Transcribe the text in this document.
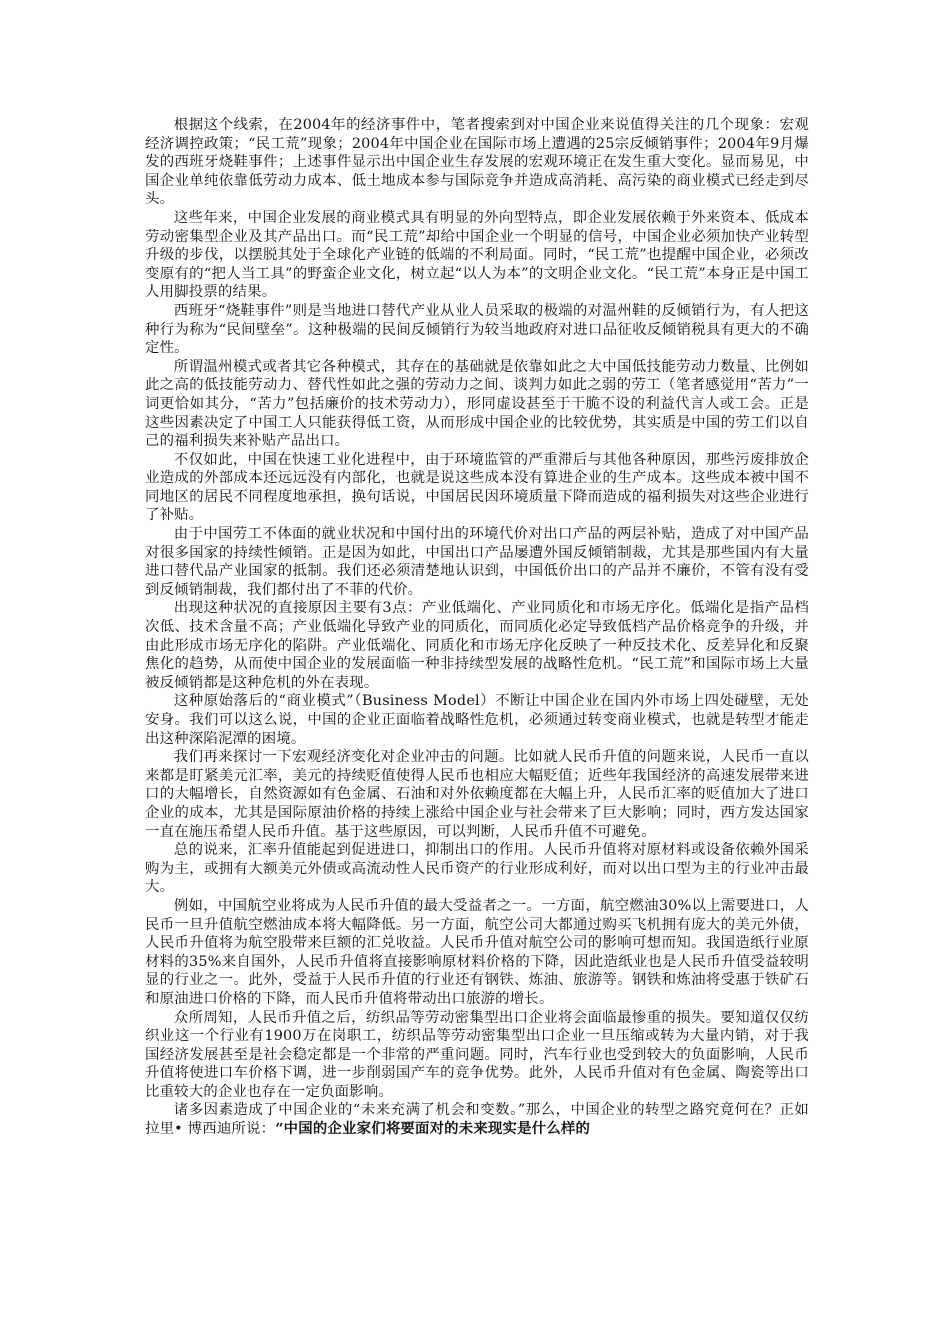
根据这个线索，在2004年的经济事件中，笔者搜索到对中国企业来说值得关注的几个现象：宏观经济调控政策；“民工荒”现象；2004年中国企业在国际市场上遭遇的25宗反倾销事件；2004年9月爆发的西班牙烧鞋事件；上述事件显示出中国企业生存发展的宏观环境正在发生重大变化。显而易见，中国企业单纯依靠低劳动力成本、低土地成本参与国际竞争并造成高消耗、高污染的商业模式已经走到尽头。

这些年来，中国企业发展的商业模式具有明显的外向型特点，即企业发展依赖于外来资本、低成本劳动密集型企业及其产品出口。而“民工荒”却给中国企业一个明显的信号，中国企业必须加快产业转型升级的步伐，以摆脱其处于全球化产业链的低端的不利局面。同时，“民工荒”也提醒中国企业，必须改变原有的“把人当工具”的野蛮企业文化，树立起“以人为本”的文明企业文化。“民工荒”本身正是中国工人用脚投票的结果。

西班牙“烧鞋事件”则是当地进口替代产业从业人员采取的极端的对温州鞋的反倾销行为，有人把这种行为称为“民间壁垒”。这种极端的民间反倾销行为较当地政府对进口品征收反倾销税具有更大的不确定性。

所谓温州模式或者其它各种模式，其存在的基础就是依靠如此之大中国低技能劳动力数量、比例如此之高的低技能劳动力、替代性如此之强的劳动力之间、谈判力如此之弱的劳工（笔者感觉用“苦力”一词更恰如其分，“苦力”包括廉价的技术劳动力），形同虚设甚至于干脆不设的利益代言人或工会。正是这些因素决定了中国工人只能获得低工资，从而形成中国企业的比较优势，其实质是中国的劳工们以自己的福利损失来补贴产品出口。

不仅如此，中国在快速工业化进程中，由于环境监管的严重滞后与其他各种原因，那些污废排放企业造成的外部成本还远远没有内部化，也就是说这些成本没有算进企业的生产成本。这些成本被中国不同地区的居民不同程度地承担，换句话说，中国居民因环境质量下降而造成的福利损失对这些企业进行了补贴。

由于中国劳工不体面的就业状况和中国付出的环境代价对出口产品的两层补贴，造成了对中国产品对很多国家的持续性倾销。正是因为如此，中国出口产品屡遭外国反倾销制裁，尤其是那些国内有大量进口替代品产业国家的抵制。我们还必须清楚地认识到，中国低价出口的产品并不廉价，不管有没有受到反倾销制裁，我们都付出了不菲的代价。

出现这种状况的直接原因主要有3点：产业低端化、产业同质化和市场无序化。低端化是指产品档次低、技术含量不高；产业低端化导致产业的同质化，而同质化必定导致低档产品价格竞争的升级，并由此形成市场无序化的陷阱。产业低端化、同质化和市场无序化反映了一种反技术化、反差异化和反聚焦化的趋势，从而使中国企业的发展面临一种非持续型发展的战略性危机。“民工荒”和国际市场上大量被反倾销都是这种危机的外在表现。

这种原始落后的“商业模式”（Business Model）不断让中国企业在国内外市场上四处碰壁，无处安身。我们可以这么说，中国的企业正面临着战略性危机，必须通过转变商业模式，也就是转型才能走出这种深陷泥潭的困境。

我们再来探讨一下宏观经济变化对企业冲击的问题。比如就人民币升值的问题来说，人民币一直以来都是盯紧美元汇率，美元的持续贬值使得人民币也相应大幅贬值；近些年我国经济的高速发展带来进口的大幅增长，自然资源如有色金属、石油和对外依赖度都在大幅上升，人民币汇率的贬值加大了进口企业的成本，尤其是国际原油价格的持续上涨给中国企业与社会带来了巨大影响；同时，西方发达国家一直在施压希望人民币升值。基于这些原因，可以判断，人民币升值不可避免。

总的说来，汇率升值能起到促进进口，抑制出口的作用。人民币升值将对原材料或设备依赖外国采购为主，或拥有大额美元外债或高流动性人民币资产的行业形成利好，而对以出口型为主的行业冲击最大。

例如，中国航空业将成为人民币升值的最大受益者之一。一方面，航空燃油30%以上需要进口，人民币一旦升值航空燃油成本将大幅降低。另一方面，航空公司大都通过购买飞机拥有庞大的美元外债，人民币升值将为航空股带来巨额的汇兑收益。人民币升值对航空公司的影响可想而知。我国造纸行业原材料的35%来自国外，人民币升值将直接影响原材料价格的下降，因此造纸业也是人民币升值受益较明显的行业之一。此外，受益于人民币升值的行业还有钢铁、炼油、旅游等。钢铁和炼油将受惠于铁矿石和原油进口价格的下降，而人民币升值将带动出口旅游的增长。

众所周知，人民币升值之后，纺织品等劳动密集型出口企业将会面临最惨重的损失。要知道仅仅纺织业这一个行业有1900万在岗职工，纺织品等劳动密集型出口企业一旦压缩或转为大量内销，对于我国经济发展甚至是社会稳定都是一个非常的严重问题。同时，汽车行业也受到较大的负面影响，人民币升值将使进口车价格下调，进一步削弱国产车的竞争优势。此外，人民币升值对有色金属、陶瓷等出口比重较大的企业也存在一定负面影响。

诸多因素造成了中国企业的“未来充满了机会和变数。”那么，中国企业的转型之路究竟何在？正如拉里• 博西迪所说：“中国的企业家们将要面对的未来现实是什么样的
